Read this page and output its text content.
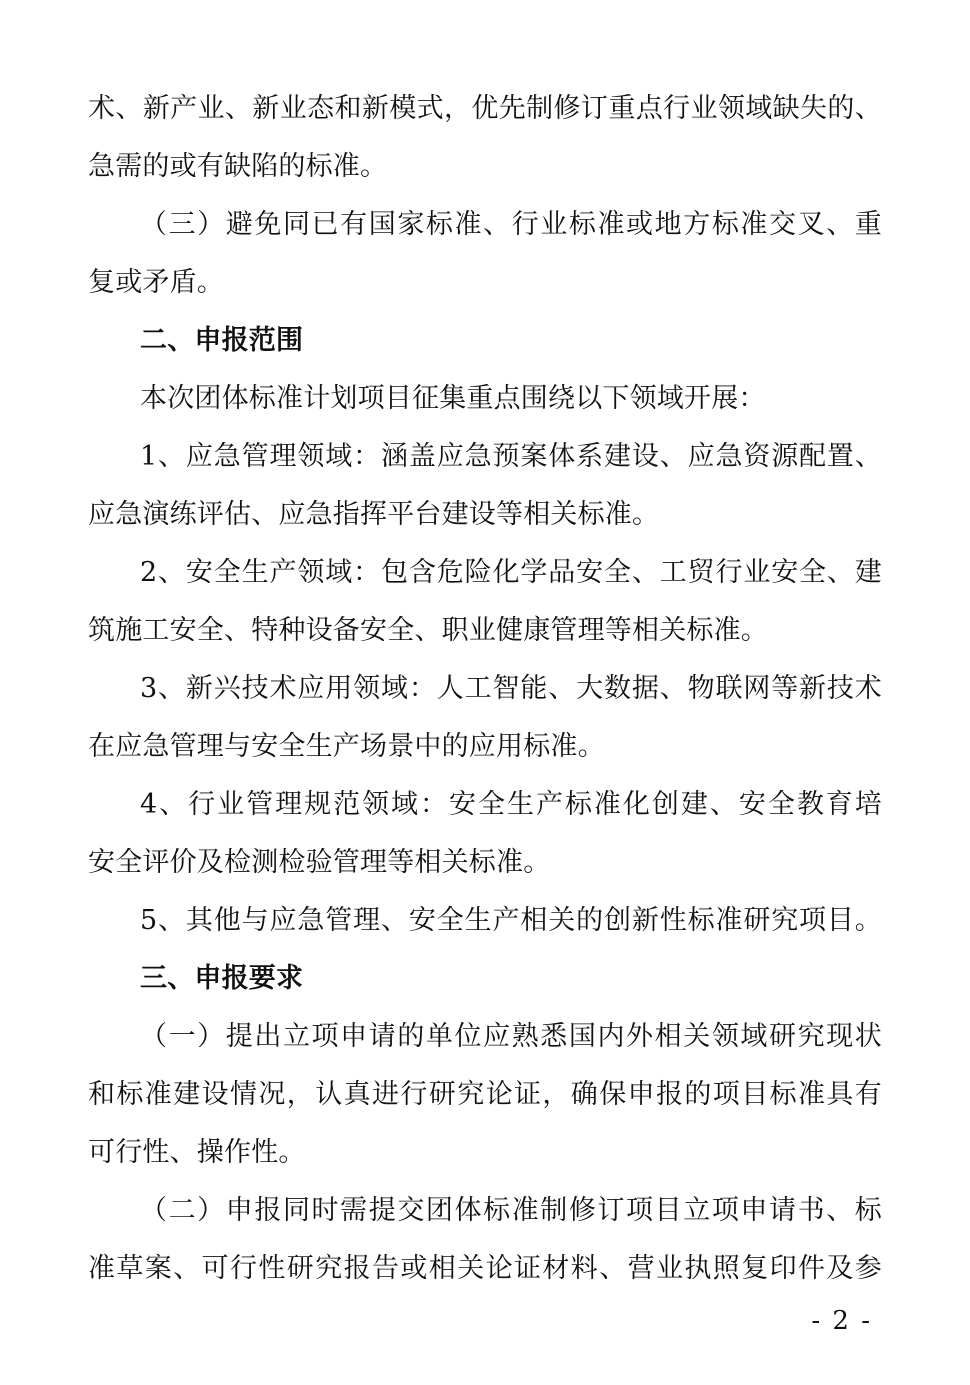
术、新产业、新业态和新模式，优先制修订重点行业领域缺失的、

急需的或有缺陷的标准。

（三）避免同已有国家标准、行业标准或地方标准交叉、重

复或矛盾。

二、申报范围

本次团体标准计划项目征集重点围绕以下领域开展：

1、应急管理领域：涵盖应急预案体系建设、应急资源配置、

应急演练评估、应急指挥平台建设等相关标准。

2、安全生产领域：包含危险化学品安全、工贸行业安全、建

筑施工安全、特种设备安全、职业健康管理等相关标准。

3、新兴技术应用领域：人工智能、大数据、物联网等新技术

在应急管理与安全生产场景中的应用标准。

4、行业管理规范领域：安全生产标准化创建、安全教育培

安全评价及检测检验管理等相关标准。

5、其他与应急管理、安全生产相关的创新性标准研究项目。

三、申报要求

（一）提出立项申请的单位应熟悉国内外相关领域研究现状

和标准建设情况，认真进行研究论证，确保申报的项目标准具有

可行性、操作性。

（二）申报同时需提交团体标准制修订项目立项申请书、标

准草案、可行性研究报告或相关论证材料、营业执照复印件及参

- 2 -
